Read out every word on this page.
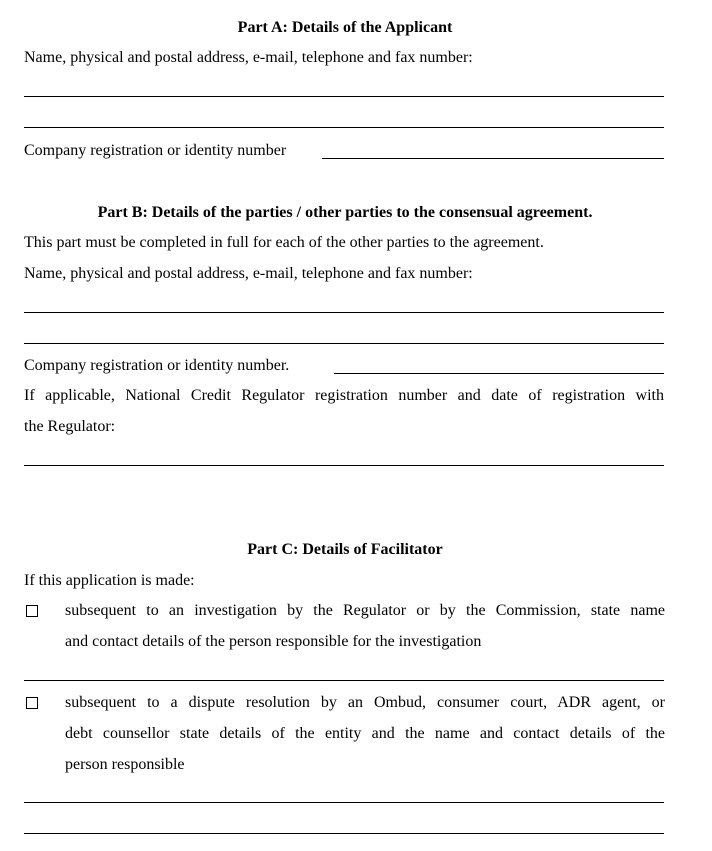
Part A: Details of the Applicant
Name, physical and postal address, e-mail, telephone and fax number:
Company registration or identity number
Part B: Details of the parties / other parties to the consensual agreement.
This part must be completed in full for each of the other parties to the agreement.
Name, physical and postal address, e-mail, telephone and fax number:
Company registration or identity number.
If applicable, National Credit Regulator registration number and date of registration with
the Regulator:
Part C: Details of Facilitator
If this application is made:
subsequent to an investigation by the Regulator or by the Commission, state name
and contact details of the person responsible for the investigation
subsequent to a dispute resolution by an Ombud, consumer court, ADR agent, or
debt counsellor state details of the entity and the name and contact details of the
person responsible
